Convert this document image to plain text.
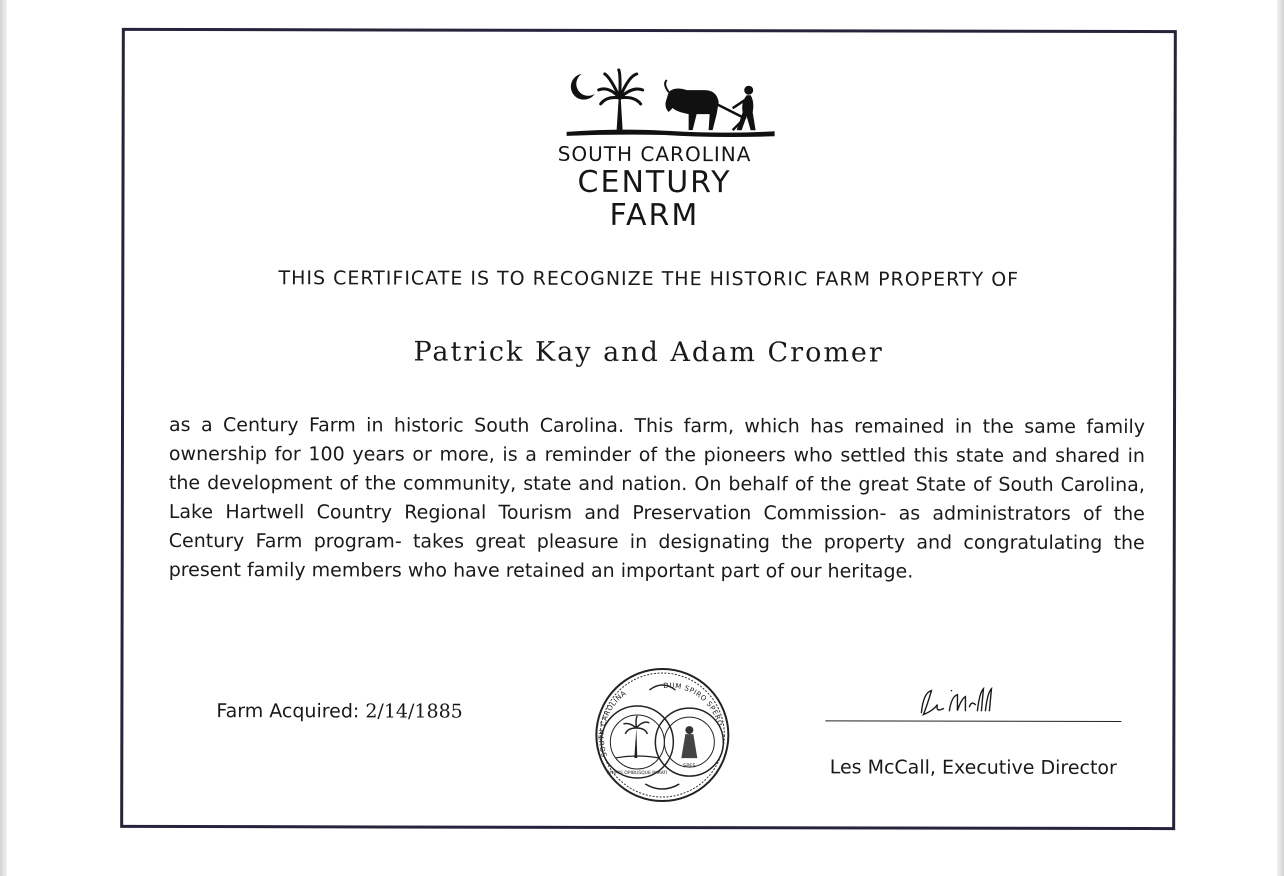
SOUTH CAROLINA
CENTURY
FARM
THIS CERTIFICATE IS TO RECOGNIZE THE HISTORIC FARM PROPERTY OF
Patrick Kay and Adam Cromer
as a Century Farm in historic South Carolina. This farm, which has remained in the same family ownership for 100 years or more, is a reminder of the pioneers who settled this state and shared in the development of the community, state and nation. On behalf of the great State of South Carolina, Lake Hartwell Country Regional Tourism and Preservation Commission- as administrators of the Century Farm program- takes great pleasure in designating the property and congratulating the present family members who have retained an important part of our heritage.
Farm Acquired: 2/14/1885
SOUTH CAROLINA
DUM SPIRO SPERO
ANIMIS OPIBUSQUE PARATI
SPES	Les McCall, Executive Director
